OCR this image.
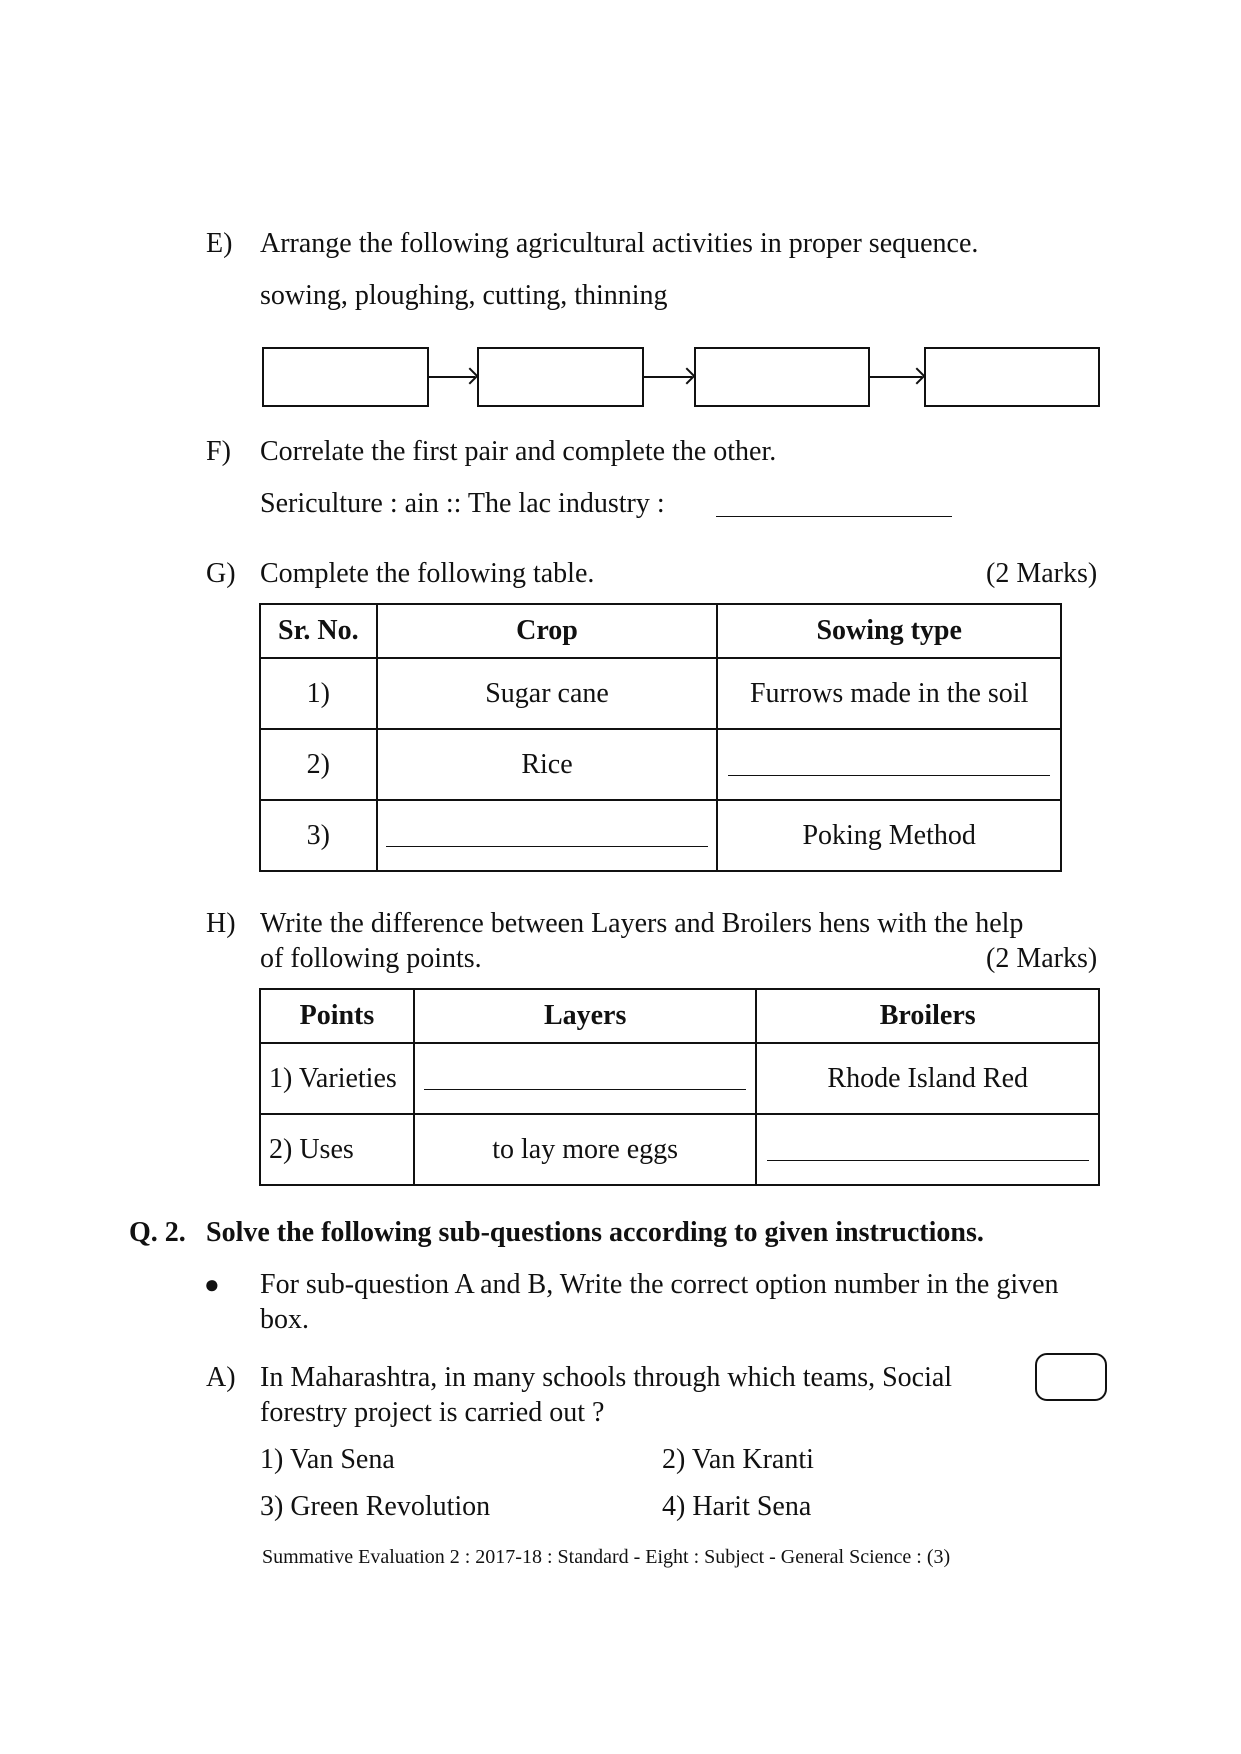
E) Arrange the following agricultural activities in proper sequence.
sowing, ploughing, cutting, thinning
F)	Correlate the first pair and complete the other.
Sericulture : ain :: The lac industry :
G) Complete the following table.	(2 Marks)
Sr. No.	Crop	Sowing type
1)	Sugar cane	Furrows made in the soil
2)	Rice	

3)		Poking Method
H) Write the difference between Layers and Broilers hens with the help
of following points.	(2 Marks)
Points	Layers	Broilers
1) Varieties		Rhode Island Red
2) Uses	to lay more eggs	
Q. 2. Solve the following sub-questions according to given instructions.
● For sub-question A and B, Write the correct option number in the given
box.
A) In Maharashtra, in many schools through which teams, Social
forestry project is carried out ?
1) Van Sena	2) Van Kranti
3) Green Revolution	4) Harit Sena
Summative Evaluation 2 : 2017-18 : Standard - Eight : Subject - General Science : (3)
